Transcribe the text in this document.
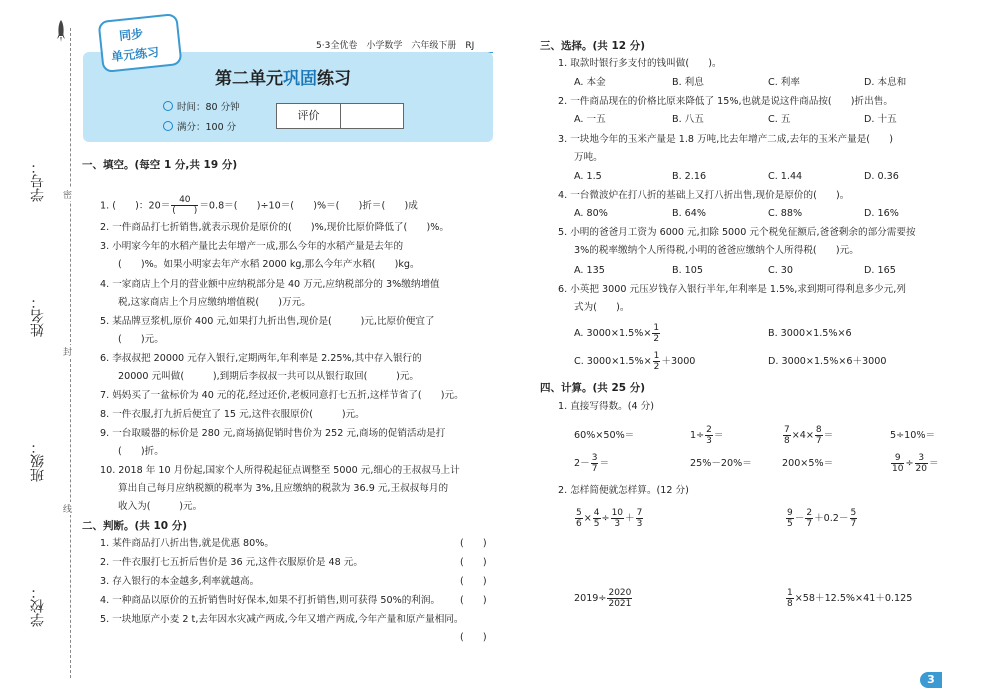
学号：
姓名：
班级：
学校：
密
封
线
5·3全优卷　小学数学　六年级下册　RJ
同步
单元练习
第二单元巩固练习
时间：80 分钟
满分：100 分
评价
一、填空。(每空 1 分,共 19 分)
1. (　　)：$20= \frac{40}{( )} =0.8=$(　　)÷10＝(　　)%＝(　　)折＝(　　)成
2. 一件商品打七折销售,就表示现价是原价的(　　)%,现价比原价降低了(　　)%。
3. 小明家今年的水稻产量比去年增产一成,那么今年的水稻产量是去年的
(　　)%。如果小明家去年产水稻 2000 kg,那么今年产水稻(　　)kg。
4. 一家商店上个月的营业额中应纳税部分是 40 万元,应纳税部分的 3%缴纳增值
税,这家商店上个月应缴纳增值税(　　)万元。
5. 某品牌豆浆机,原价 400 元,如果打九折出售,现价是(　　　)元,比原价便宜了
(　　)元。
6. 李叔叔把 20000 元存入银行,定期两年,年利率是 2.25%,其中存入银行的
20000 元叫做(　　　),到期后李叔叔一共可以从银行取回(　　　)元。
7. 妈妈买了一盆标价为 40 元的花,经过还价,老板同意打七五折,这样节省了(　　)元。
8. 一件衣服,打九折后便宜了 15 元,这件衣服原价(　　　)元。
9. 一台取暖器的标价是 280 元,商场搞促销时售价为 252 元,商场的促销活动是打
(　　)折。
10. 2018 年 10 月份起,国家个人所得税起征点调整至 5000 元,细心的王叔叔马上计
算出自己每月应纳税额的税率为 3%,且应缴纳的税款为 36.9 元,王叔叔每月的
收入为(　　　)元。
二、判断。(共 10 分)
1. 某件商品打八折出售,就是优惠 80%。	(　　)
2. 一件衣服打七五折后售价是 36 元,这件衣服原价是 48 元。	(　　)
3. 存入银行的本金越多,利率就越高。	(　　)
4. 一种商品以原价的五折销售时好保本,如果不打折销售,则可获得 50%的利润。 (　　)
5. 一块地原产小麦 2 t,去年因水灾减产两成,今年又增产两成,今年产量和原产量相同。
(　　)
三、选择。(共 12 分)
1. 取款时银行多支付的钱叫做(　　)。
A. 本金	B. 利息	C. 利率	D. 本息和
2. 一件商品现在的价格比原来降低了 15%,也就是说这件商品按(　　)折出售。
A. 一五	B. 八五	C. 五	D. 十五
3. 一块地今年的玉米产量是 1.8 万吨,比去年增产二成,去年的玉米产量是(　　)
万吨。
A. 1.5	B. 2.16	C. 1.44	D. 0.36
4. 一台微波炉在打八折的基础上又打八折出售,现价是原价的(　　)。
A. 80%	B. 64%	C. 88%	D. 16%
5. 小明的爸爸月工资为 6000 元,扣除 5000 元个税免征额后,爸爸剩余的部分需要按
3%的税率缴纳个人所得税,小明的爸爸应缴纳个人所得税(　　)元。
A. 135	B. 105	C. 30	D. 165
6. 小英把 3000 元压岁钱存入银行半年,年利率是 1.5%,求到期可得利息多少元,列
式为(　　)。
A. $3000\times 1.5\%\times \frac{1}{2}$	B. 3000×1.5%×6
C. $3000\times 1.5\%\times \frac{1}{2} +3000$	D. 3000×1.5%×6＋3000
四、计算。(共 25 分)
1. 直接写得数。(4 分)
60%×50%＝	$1\div \frac{2}{3}$ ＝	$\frac{7}{8} \times 4\times \frac{8}{7}$ ＝	5÷10%＝
$2- \frac{3}{7}$ ＝	25%－20%＝	200×5%＝	$\frac{9}{10} \div \frac{3}{20}$ ＝
2. 怎样简便就怎样算。(12 分)
$\frac{5}{6} \times \frac{4}{5} \div \frac{10}{3} + \frac{7}{3}$	$\frac{9}{5} - \frac{2}{7} +0.2- \frac{5}{7}$
$2019\div \frac{2020}{2021}$	$\frac{1}{8} \times 58+12.5\%\times 41+0.125$
3
